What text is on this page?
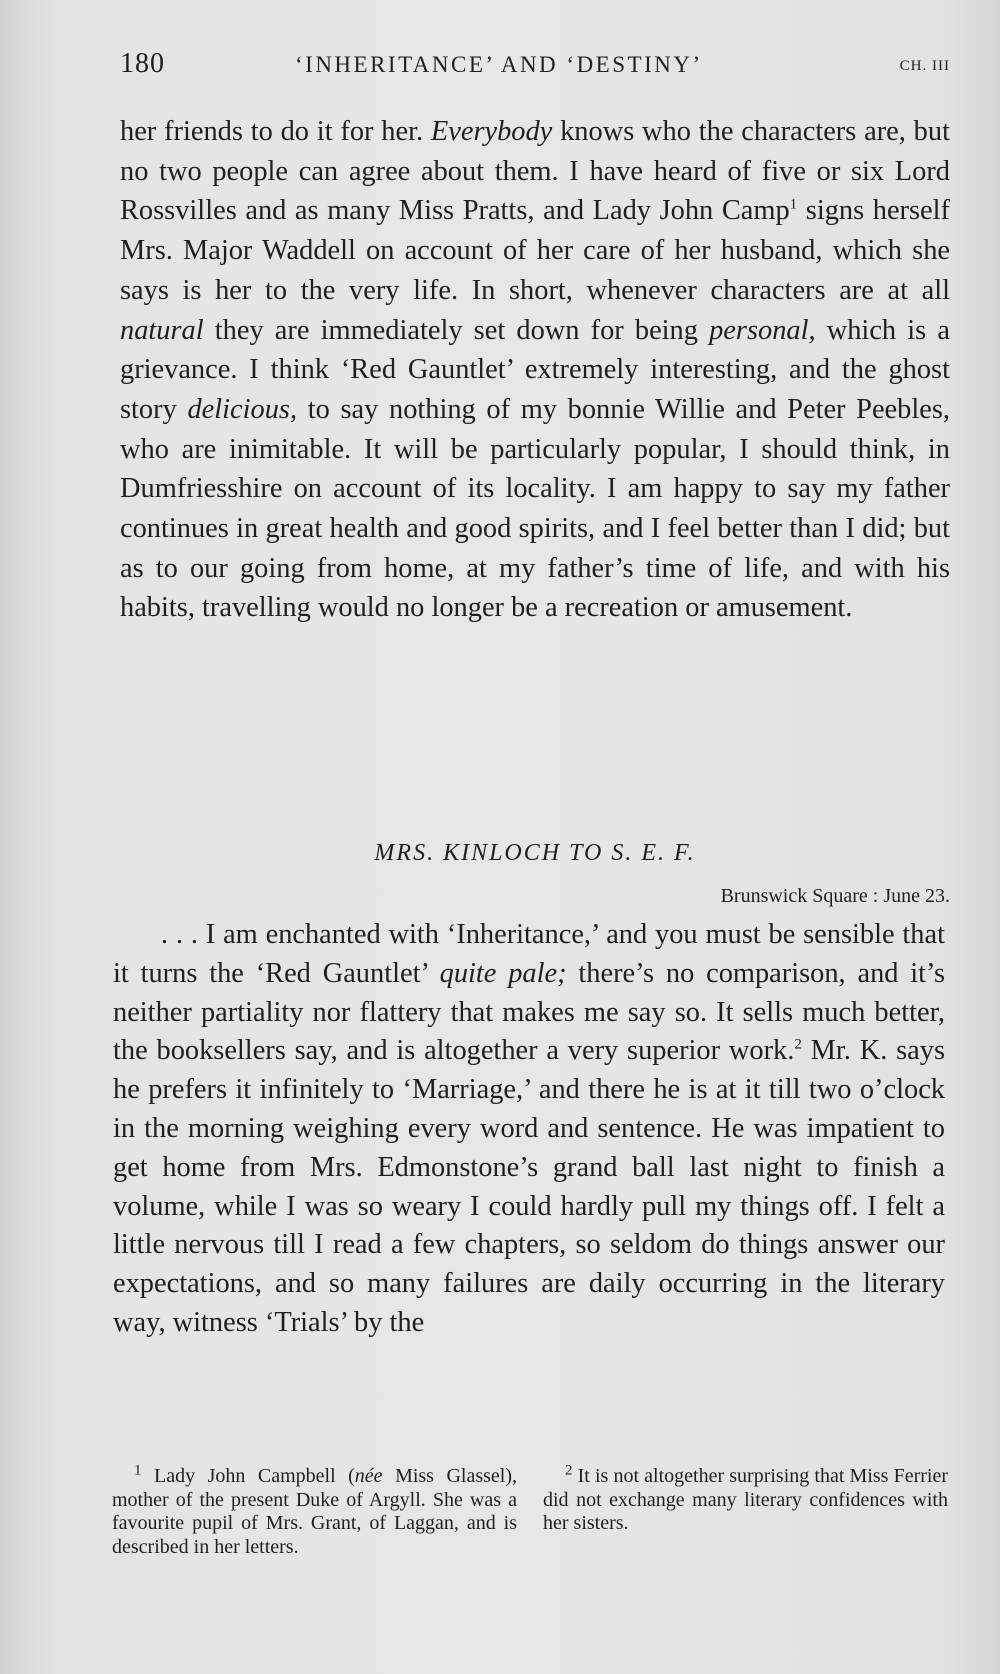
180	‘INHERITANCE’ AND ‘DESTINY’	CH. III

her friends to do it for her. Everybody knows who the characters are, but no two people can agree about them. I have heard of five or six Lord Rossvilles and as many Miss Pratts, and Lady John Camp$^1$ signs herself Mrs. Major Waddell on account of her care of her husband, which she says is her to the very life. In short, whenever characters are at all natural they are immediately set down for being personal, which is a grievance. I think ‘Red Gauntlet’ extremely interesting, and the ghost story delicious, to say nothing of my bonnie Willie and Peter Peebles, who are inimitable. It will be particularly popular, I should think, in Dumfriesshire on account of its locality. I am happy to say my father continues in great health and good spirits, and I feel better than I did; but as to our going from home, at my father’s time of life, and with his habits, travelling would no longer be a recreation or amusement.

MRS. KINLOCH TO S. E. F.
Brunswick Square : June 23.

. . . I am enchanted with ‘Inheritance,’ and you must be sensible that it turns the ‘Red Gauntlet’ quite pale; there’s no comparison, and it’s neither partiality nor flattery that makes me say so. It sells much better, the booksellers say, and is altogether a very superior work.$^2$ Mr. K. says he prefers it infinitely to ‘Marriage,’ and there he is at it till two o’clock in the morning weighing every word and sentence. He was impatient to get home from Mrs. Edmonstone’s grand ball last night to finish a volume, while I was so weary I could hardly pull my things off. I felt a little nervous till I read a few chapters, so seldom do things answer our expectations, and so many failures are daily occurring in the literary way, witness ‘Trials’ by the

$^1$ Lady John Campbell (née Miss Glassel), mother of the present Duke of Argyll. She was a favourite pupil of Mrs. Grant, of Laggan, and is described in her letters.

$^2$ It is not altogether surprising that Miss Ferrier did not exchange many literary confidences with her sisters.
